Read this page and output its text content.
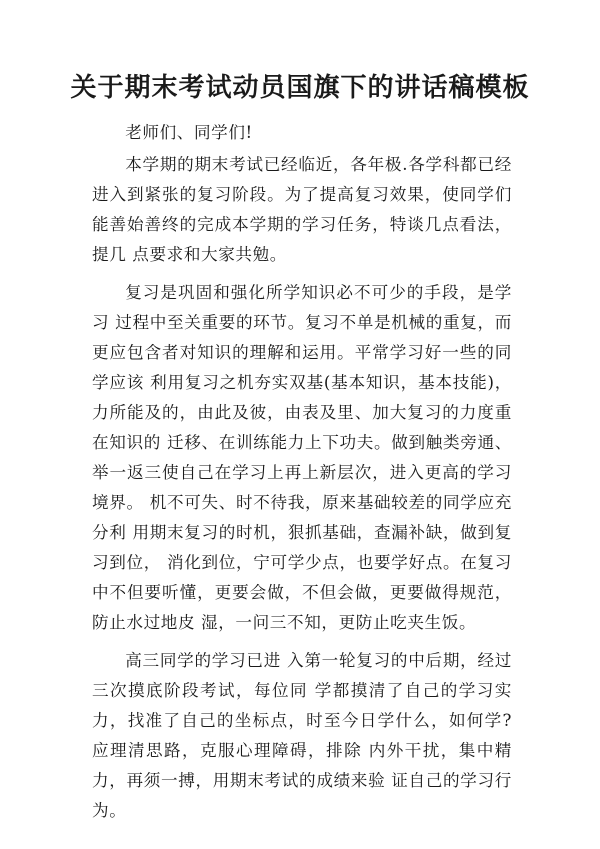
关于期末考试动员国旗下的讲话稿模板

老师们、同学们!

本学期的期末考试已经临近，各年极.各学科都已经进入到紧张的复习阶段。为了提高复习效果，使同学们能善始善终的完成本学期的学习任务，特谈几点看法，提几 点要求和大家共勉。

复习是巩固和强化所学知识必不可少的手段，是学习 过程中至关重要的环节。复习不单是机械的重复，而更应包含者对知识的理解和运用。平常学习好一些的同学应该 利用复习之机夯实双基(基本知识，基本技能)，力所能及的，由此及彼，由表及里、加大复习的力度重在知识的 迁移、在训练能力上下功夫。做到触类旁通、举一返三使自己在学习上再上新层次，进入更高的学习境界。 机不可失、时不待我，原来基础较差的同学应充分利 用期末复习的时机，狠抓基础，查漏补缺，做到复习到位， 消化到位，宁可学少点，也要学好点。在复习中不但要听懂，更要会做，不但会做，更要做得规范，防止水过地皮 湿，一问三不知，更防止吃夹生饭。

高三同学的学习已进 入第一轮复习的中后期，经过三次摸底阶段考试，每位同 学都摸清了自己的学习实力，找准了自己的坐标点，时至今日学什么，如何学?应理清思路，克服心理障碍，排除 内外干扰，集中精力，再须一搏，用期末考试的成绩来验 证自己的学习行为。
